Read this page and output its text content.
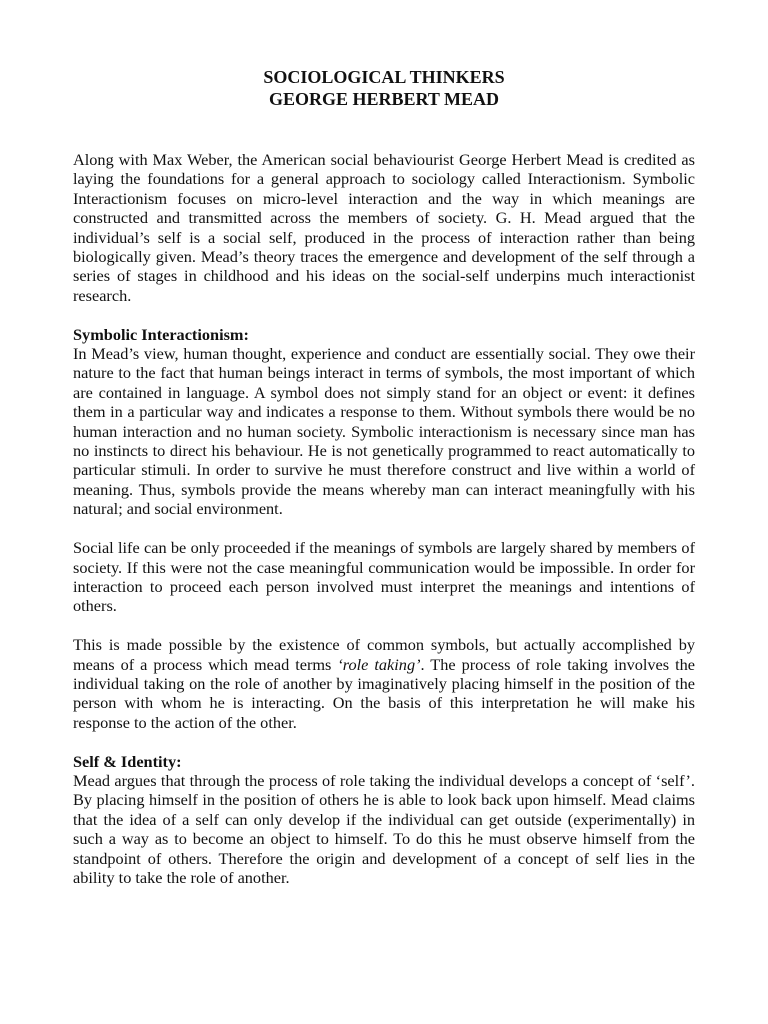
SOCIOLOGICAL THINKERS

GEORGE HERBERT MEAD

Along with Max Weber, the American social behaviourist George Herbert Mead is credited as laying the foundations for a general approach to sociology called Interactionism. Symbolic Interactionism focuses on micro-level interaction and the way in which meanings are constructed and transmitted across the members of society. G. H. Mead argued that the individual’s self is a social self, produced in the process of interaction rather than being biologically given. Mead’s theory traces the emergence and development of the self through a series of stages in childhood and his ideas on the social-self underpins much interactionist research.

Symbolic Interactionism:

In Mead’s view, human thought, experience and conduct are essentially social. They owe their nature to the fact that human beings interact in terms of symbols, the most important of which are contained in language. A symbol does not simply stand for an object or event: it defines them in a particular way and indicates a response to them. Without symbols there would be no human interaction and no human society. Symbolic interactionism is necessary since man has no instincts to direct his behaviour. He is not genetically programmed to react automatically to particular stimuli. In order to survive he must therefore construct and live within a world of meaning. Thus, symbols provide the means whereby man can interact meaningfully with his natural; and social environment.

Social life can be only proceeded if the meanings of symbols are largely shared by members of society. If this were not the case meaningful communication would be impossible. In order for interaction to proceed each person involved must interpret the meanings and intentions of others.

This is made possible by the existence of common symbols, but actually accomplished by means of a process which mead terms ‘role taking’. The process of role taking involves the individual taking on the role of another by imaginatively placing himself in the position of the person with whom he is interacting. On the basis of this interpretation he will make his response to the action of the other.

Self & Identity:

Mead argues that through the process of role taking the individual develops a concept of ‘self’. By placing himself in the position of others he is able to look back upon himself. Mead claims that the idea of a self can only develop if the individual can get outside (experimentally) in such a way as to become an object to himself. To do this he must observe himself from the standpoint of others. Therefore the origin and development of a concept of self lies in the ability to take the role of another.
